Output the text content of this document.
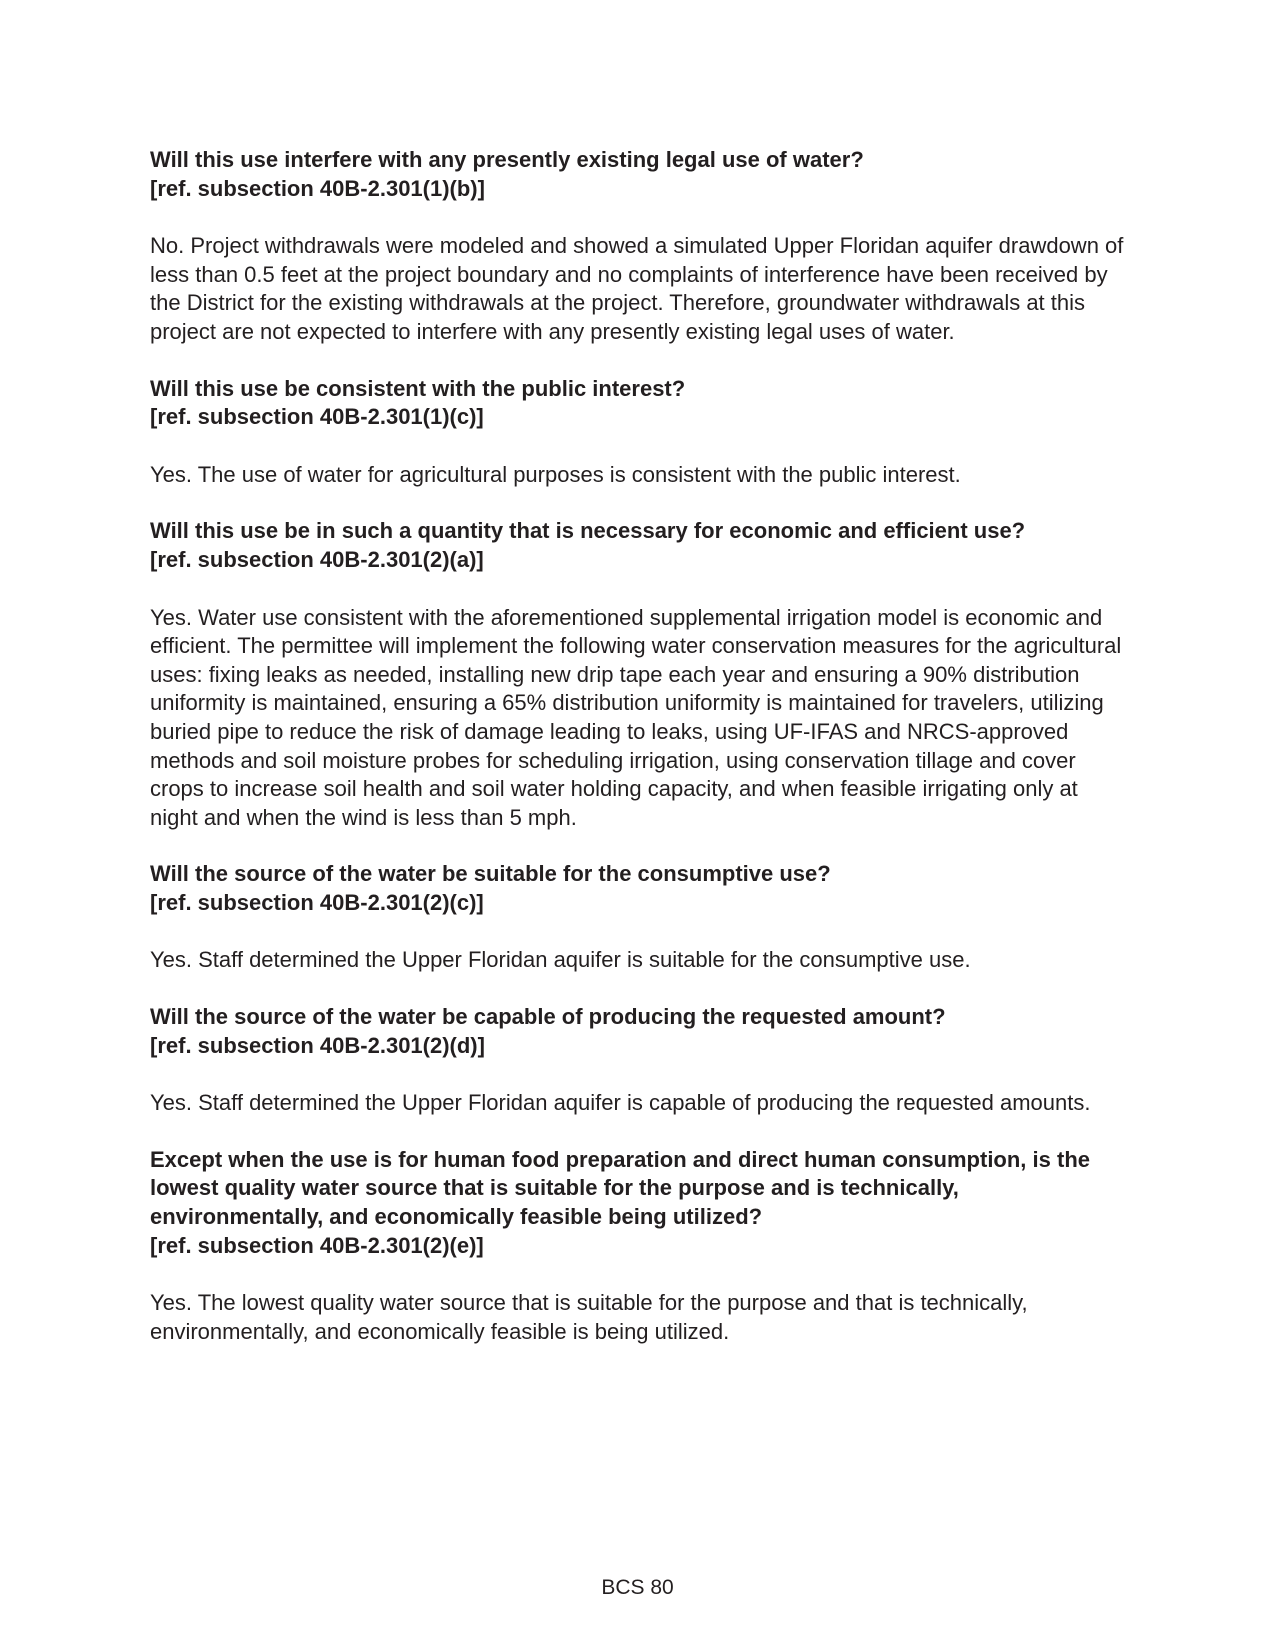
Will this use interfere with any presently existing legal use of water?
[ref. subsection 40B-2.301(1)(b)]

No. Project withdrawals were modeled and showed a simulated Upper Floridan aquifer drawdown of less than 0.5 feet at the project boundary and no complaints of interference have been received by the District for the existing withdrawals at the project. Therefore, groundwater withdrawals at this project are not expected to interfere with any presently existing legal uses of water.

Will this use be consistent with the public interest?
[ref. subsection 40B-2.301(1)(c)]

Yes. The use of water for agricultural purposes is consistent with the public interest.

Will this use be in such a quantity that is necessary for economic and efficient use?
[ref. subsection 40B-2.301(2)(a)]

Yes. Water use consistent with the aforementioned supplemental irrigation model is economic and efficient. The permittee will implement the following water conservation measures for the agricultural uses: fixing leaks as needed, installing new drip tape each year and ensuring a 90% distribution uniformity is maintained, ensuring a 65% distribution uniformity is maintained for travelers, utilizing buried pipe to reduce the risk of damage leading to leaks, using UF-IFAS and NRCS-approved methods and soil moisture probes for scheduling irrigation, using conservation tillage and cover crops to increase soil health and soil water holding capacity, and when feasible irrigating only at night and when the wind is less than 5 mph.

Will the source of the water be suitable for the consumptive use?
[ref. subsection 40B-2.301(2)(c)]

Yes. Staff determined the Upper Floridan aquifer is suitable for the consumptive use.

Will the source of the water be capable of producing the requested amount?
[ref. subsection 40B-2.301(2)(d)]

Yes. Staff determined the Upper Floridan aquifer is capable of producing the requested amounts.

Except when the use is for human food preparation and direct human consumption, is the lowest quality water source that is suitable for the purpose and is technically, environmentally, and economically feasible being utilized?
[ref. subsection 40B-2.301(2)(e)]

Yes. The lowest quality water source that is suitable for the purpose and that is technically, environmentally, and economically feasible is being utilized.

BCS 80
